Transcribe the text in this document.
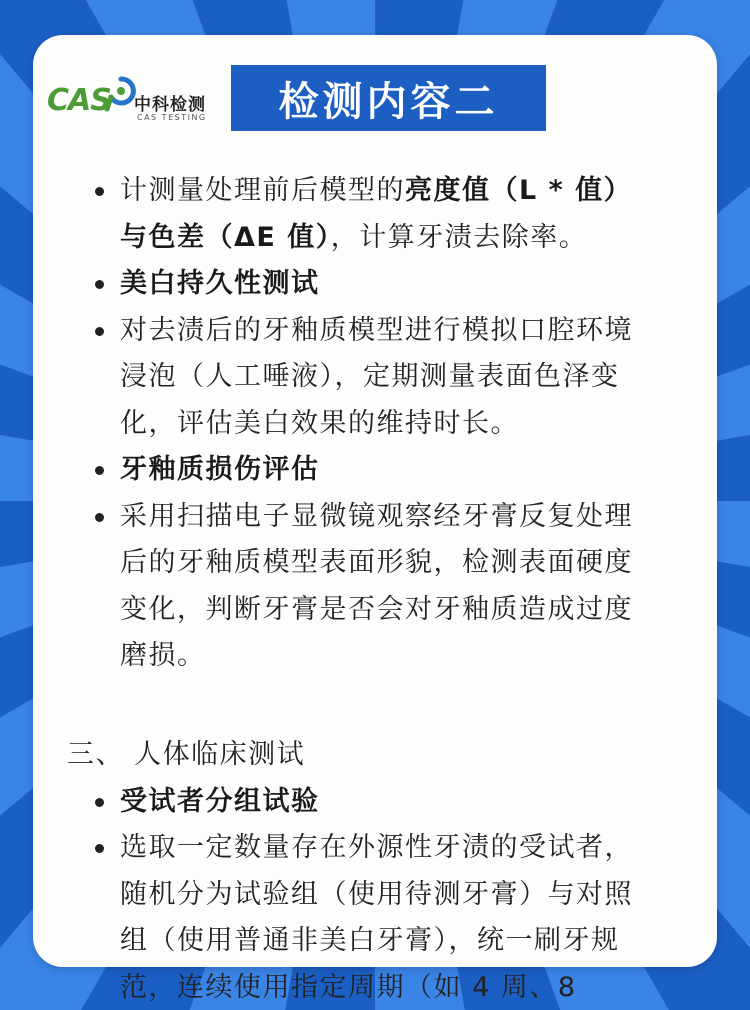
CAS 中科检测
CAS TESTING	检测内容二
计测量处理前后模型的亮度值（L * 值）
与色差（ΔE 值），计算牙渍去除率。
美白持久性测试
对去渍后的牙釉质模型进行模拟口腔环境
浸泡（人工唾液），定期测量表面色泽变
化，评估美白效果的维持时长。
牙釉质损伤评估
采用扫描电子显微镜观察经牙膏反复处理
后的牙釉质模型表面形貌，检测表面硬度
变化，判断牙膏是否会对牙釉质造成过度
磨损。
三、 人体临床测试
受试者分组试验
选取一定数量存在外源性牙渍的受试者，
随机分为试验组（使用待测牙膏）与对照
组（使用普通非美白牙膏），统一刷牙规
范，连续使用指定周期（如 4 周、8
